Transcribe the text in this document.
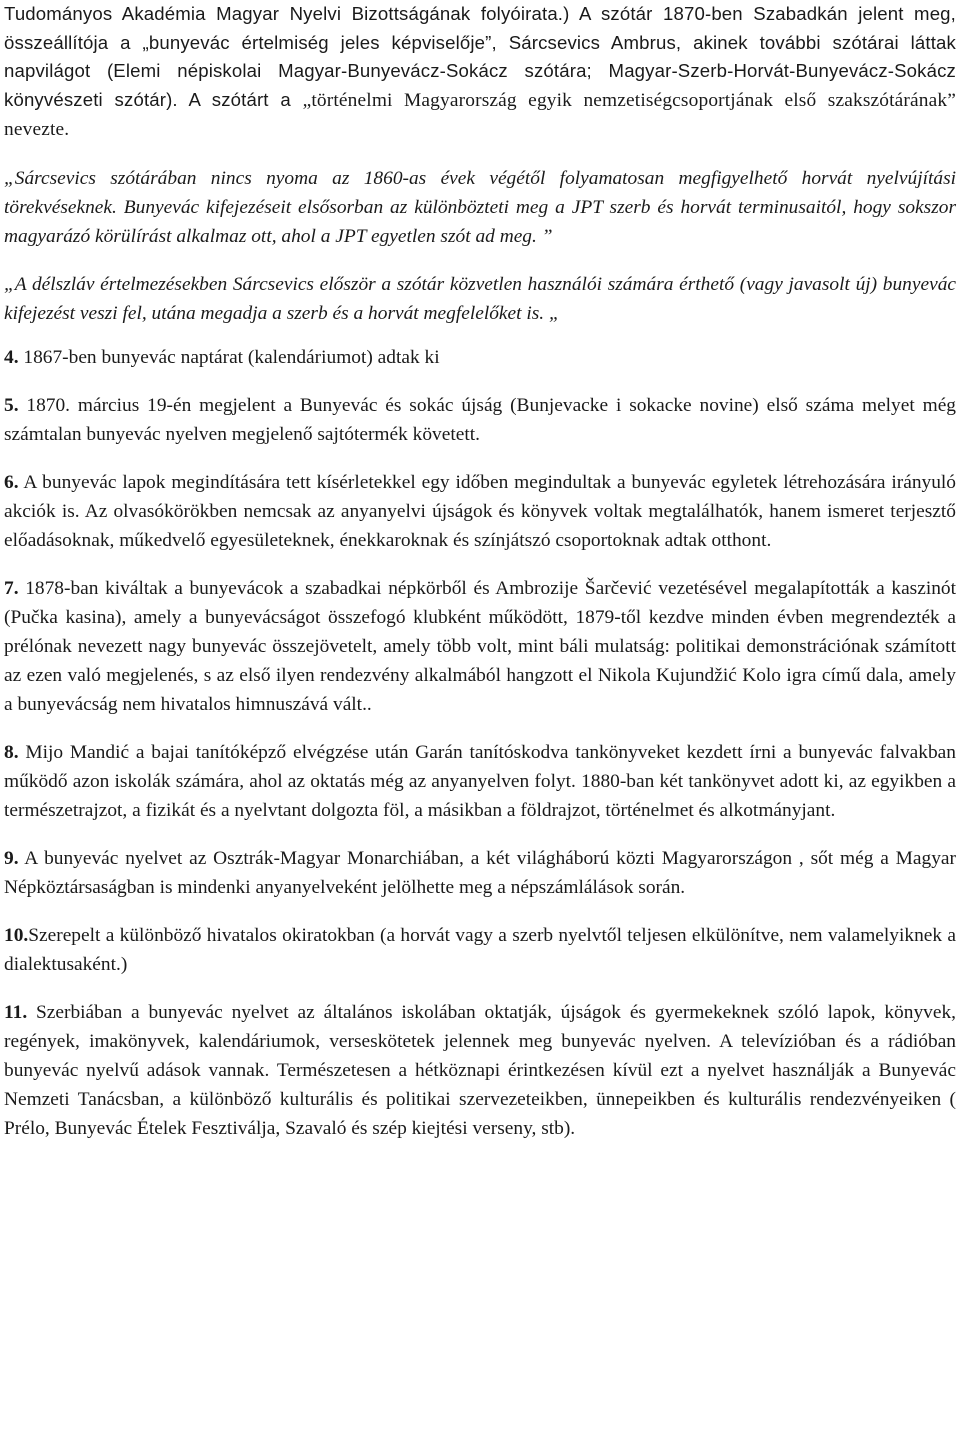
Tudományos Akadémia Magyar Nyelvi Bizottságának folyóirata.) A szótár 1870-ben Szabadkán jelent meg, összeállítója a „bunyevác értelmiség jeles képviselője”, Sárcsevics Ambrus, akinek további szótárai láttak napvilágot (Elemi népiskolai Magyar-Bunyevácz-Sokácz szótára; Magyar-Szerb-Horvát-Bunyevácz-Sokácz könyvészeti szótár). A szótárt a „történelmi Magyarország egyik nemzetiségcsoportjának első szakszótárának” nevezte.

„Sárcsevics szótárában nincs nyoma az 1860-as évek végétől folyamatosan megfigyelhető horvát nyelvújítási törekvéseknek. Bunyevác kifejezéseit elsősorban az különbözteti meg a JPT szerb és horvát terminusaitól, hogy sokszor magyarázó körülírást alkalmaz ott, ahol a JPT egyetlen szót ad meg. ”

„A délszláv értelmezésekben Sárcsevics először a szótár közvetlen használói számára érthető (vagy javasolt új) bunyevác kifejezést veszi fel, utána megadja a szerb és a horvát megfelelőket is. „

4. 1867-ben bunyevác naptárat (kalendáriumot) adtak ki

5. 1870. március 19-én megjelent a Bunyevác és sokác újság (Bunjevacke i sokacke novine) első száma melyet még számtalan bunyevác nyelven megjelenő sajtótermék követett.

6. A bunyevác lapok megindítására tett kísérletekkel egy időben megindultak a bunyevác egyletek létrehozására irányuló akciók is. Az olvasókörökben nemcsak az anyanyelvi újságok és könyvek voltak megtalálhatók, hanem ismeret terjesztő előadásoknak, műkedvelő egyesületeknek, énekkaroknak és színjátszó csoportoknak adtak otthont.

7. 1878-ban kiváltak a bunyevácok a szabadkai népkörből és Ambrozije Šarčević vezetésével megalapították a kaszinót (Pučka kasina), amely a bunyevácságot összefogó klubként működött, 1879-től kezdve minden évben megrendezték a prélónak nevezett nagy bunyevác összejövetelt, amely több volt, mint báli mulatság: politikai demonstrációnak számított az ezen való megjelenés, s az első ilyen rendezvény alkalmából hangzott el Nikola Kujundžić Kolo igra című dala, amely a bunyevácság nem hivatalos himnuszává vált..

8. Mijo Mandić a bajai tanítóképző elvégzése után Garán tanítóskodva tankönyveket kezdett írni a bunyevác falvakban működő azon iskolák számára, ahol az oktatás még az anyanyelven folyt. 1880-ban két tankönyvet adott ki, az egyikben a természetrajzot, a fizikát és a nyelvtant dolgozta föl, a másikban a földrajzot, történelmet és alkotmányjant.

9. A bunyevác nyelvet az Osztrák-Magyar Monarchiában, a két világháború közti Magyarországon , sőt még a Magyar Népköztársaságban is mindenki anyanyelveként jelölhette meg a népszámlálások során.

10.Szerepelt a különböző hivatalos okiratokban (a horvát vagy a szerb nyelvtől teljesen elkülönítve, nem valamelyiknek a dialektusaként.)

11. Szerbiában a bunyevác nyelvet az általános iskolában oktatják, újságok és gyermekeknek szóló lapok, könyvek, regények, imakönyvek, kalendáriumok, verseskötetek jelennek meg bunyevác nyelven. A televízióban és a rádióban bunyevác nyelvű adások vannak. Természetesen a hétköznapi érintkezésen kívül ezt a nyelvet használják a Bunyevác Nemzeti Tanácsban, a különböző kulturális és politikai szervezeteikben, ünnepeikben és kulturális rendezvényeiken ( Prélo, Bunyevác Ételek Fesztiválja, Szavaló és szép kiejtési verseny, stb).
